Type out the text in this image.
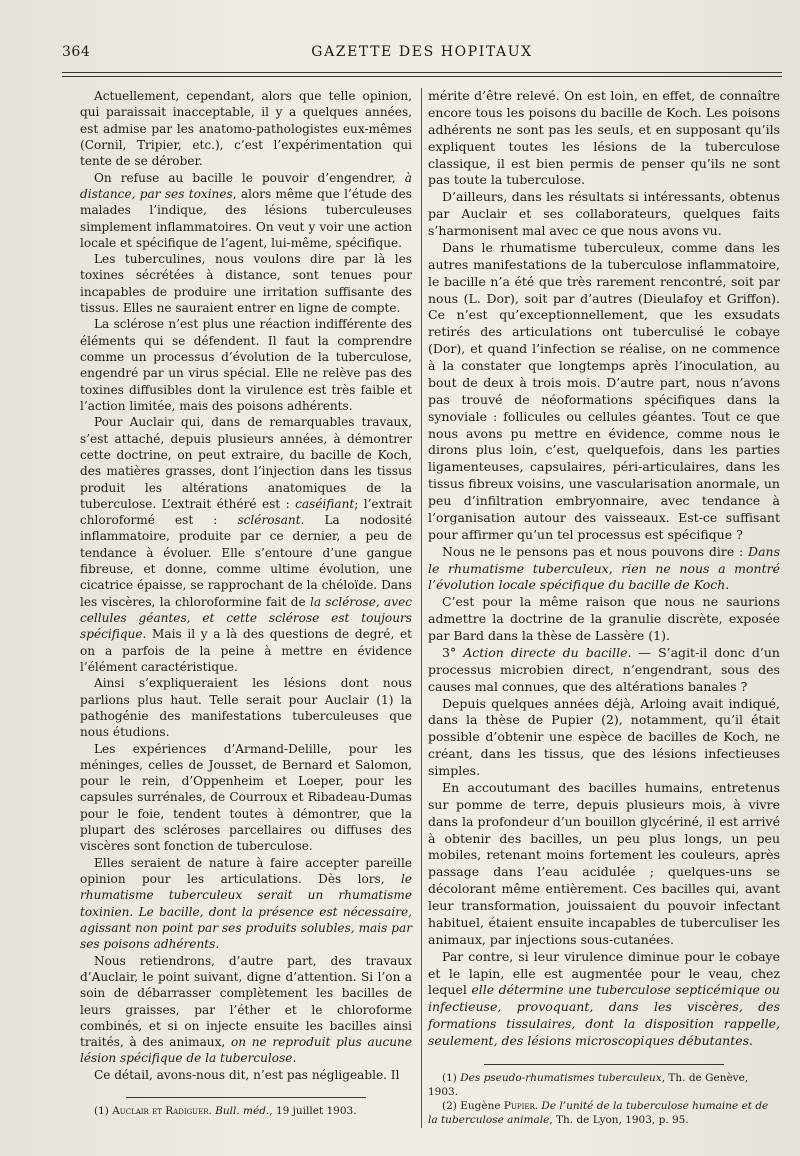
364	GAZETTE DES HOPITAUX

Actuellement, cependant, alors que telle opinion, qui paraissait inacceptable, il y a quelques années, est admise par les anatomo-pathologistes eux-mêmes (Cornil, Tripier, etc.), c’est l’expérimentation qui tente de se dérober.

On refuse au bacille le pouvoir d’engendrer, à distance, par ses toxines, alors même que l’étude des malades l’indique, des lésions tuberculeuses simplement inflammatoires. On veut y voir une action locale et spécifique de l’agent, lui-même, spécifique.

Les tuberculines, nous voulons dire par là les toxines sécrétées à distance, sont tenues pour incapables de produire une irritation suffisante des tissus. Elles ne sauraient entrer en ligne de compte.

La sclérose n’est plus une réaction indifférente des éléments qui se défendent. Il faut la comprendre comme un processus d’évolution de la tuberculose, engendré par un virus spécial. Elle ne relève pas des toxines diffusibles dont la virulence est très faible et l’action limitée, mais des poisons adhérents.

Pour Auclair qui, dans de remarquables travaux, s’est attaché, depuis plusieurs années, à démontrer cette doctrine, on peut extraire, du bacille de Koch, des matières grasses, dont l’injection dans les tissus produit les altérations anatomiques de la tuberculose. L’extrait éthéré est : caséifiant; l’extrait chloroformé est : sclérosant. La nodosité inflammatoire, produite par ce dernier, a peu de tendance à évoluer. Elle s’entoure d’une gangue fibreuse, et donne, comme ultime évolution, une cicatrice épaisse, se rapprochant de la chéloïde. Dans les viscères, la chloroformine fait de la sclérose, avec cellules géantes, et cette sclérose est toujours spécifique. Mais il y a là des questions de degré, et on a parfois de la peine à mettre en évidence l’élément caractéristique.

Ainsi s’expliqueraient les lésions dont nous parlions plus haut. Telle serait pour Auclair (1) la pathogénie des manifestations tuberculeuses que nous étudions.

Les expériences d’Armand-Delille, pour les méninges, celles de Jousset, de Bernard et Salomon, pour le rein, d’Oppenheim et Loeper, pour les capsules surrénales, de Courroux et Ribadeau-Dumas pour le foie, tendent toutes à démontrer, que la plupart des scléroses parcellaires ou diffuses des viscères sont fonction de tuberculose.

Elles seraient de nature à faire accepter pareille opinion pour les articulations. Dès lors, le rhumatisme tuberculeux serait un rhumatisme toxinien. Le bacille, dont la présence est nécessaire, agissant non point par ses produits solubles, mais par ses poisons adhérents.

Nous retiendrons, d’autre part, des travaux d’Auclair, le point suivant, digne d’attention. Si l’on a soin de débarrasser complètement les bacilles de leurs graisses, par l’éther et le chloroforme combinés, et si on injecte ensuite les bacilles ainsi traités, à des animaux, on ne reproduit plus aucune lésion spécifique de la tuberculose.

Ce détail, avons-nous dit, n’est pas négligeable. Il

(1) Auclair et Radiguer. Bull. méd., 19 juillet 1903.

mérite d’être relevé. On est loin, en effet, de connaître encore tous les poisons du bacille de Koch. Les poisons adhérents ne sont pas les seuls, et en supposant qu’ils expliquent toutes les lésions de la tuberculose classique, il est bien permis de penser qu’ils ne sont pas toute la tuberculose.

D’ailleurs, dans les résultats si intéressants, obtenus par Auclair et ses collaborateurs, quelques faits s’harmonisent mal avec ce que nous avons vu.

Dans le rhumatisme tuberculeux, comme dans les autres manifestations de la tuberculose inflammatoire, le bacille n’a été que très rarement rencontré, soit par nous (L. Dor), soit par d’autres (Dieulafoy et Griffon). Ce n’est qu’exceptionnellement, que les exsudats retirés des articulations ont tuberculisé le cobaye (Dor), et quand l’infection se réalise, on ne commence à la constater que longtemps après l’inoculation, au bout de deux à trois mois. D’autre part, nous n’avons pas trouvé de néoformations spécifiques dans la synoviale : follicules ou cellules géantes. Tout ce que nous avons pu mettre en évidence, comme nous le dirons plus loin, c’est, quelquefois, dans les parties ligamenteuses, capsulaires, péri-articulaires, dans les tissus fibreux voisins, une vascularisation anormale, un peu d’infiltration embryonnaire, avec tendance à l’organisation autour des vaisseaux. Est-ce suffisant pour affirmer qu’un tel processus est spécifique ?

Nous ne le pensons pas et nous pouvons dire : Dans le rhumatisme tuberculeux, rien ne nous a montré l’évolution locale spécifique du bacille de Koch.

C’est pour la même raison que nous ne saurions admettre la doctrine de la granulie discrète, exposée par Bard dans la thèse de Lassère (1).

3° Action directe du bacille. — S’agit-il donc d’un processus microbien direct, n’engendrant, sous des causes mal connues, que des altérations banales ?

Depuis quelques années déjà, Arloing avait indiqué, dans la thèse de Pupier (2), notamment, qu’il était possible d’obtenir une espèce de bacilles de Koch, ne créant, dans les tissus, que des lésions infectieuses simples.

En accoutumant des bacilles humains, entretenus sur pomme de terre, depuis plusieurs mois, à vivre dans la profondeur d’un bouillon glycériné, il est arrivé à obtenir des bacilles, un peu plus longs, un peu mobiles, retenant moins fortement les couleurs, après passage dans l’eau acidulée ; quelques-uns se décolorant même entièrement. Ces bacilles qui, avant leur transformation, jouissaient du pouvoir infectant habituel, étaient ensuite incapables de tuberculiser les animaux, par injections sous-cutanées.

Par contre, si leur virulence diminue pour le cobaye et le lapin, elle est augmentée pour le veau, chez lequel elle détermine une tuberculose septicémique ou infectieuse, provoquant, dans les viscères, des formations tissulaires, dont la disposition rappelle, seulement, des lésions microscopiques débutantes.

(1) Des pseudo-rhumatismes tuberculeux, Th. de Genève, 1903.

(2) Eugène Pupier. De l’unité de la tuberculose humaine et de la tuberculose animale, Th. de Lyon, 1903, p. 95.
